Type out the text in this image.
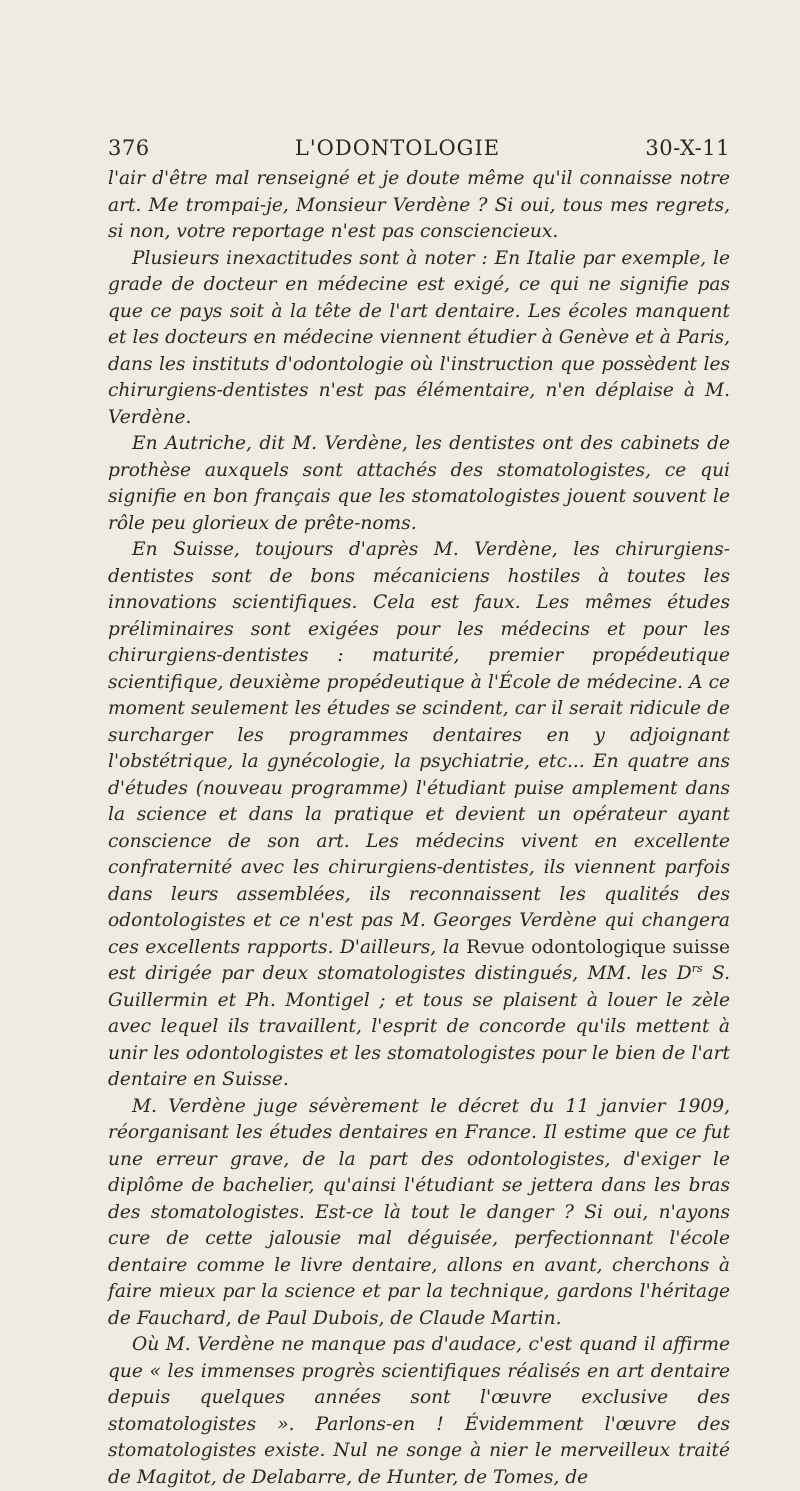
376	L'ODONTOLOGIE	30-X-11

l'air d'être mal renseigné et je doute même qu'il connaisse notre art. Me trompai-je, Monsieur Verdène ? Si oui, tous mes regrets, si non, votre reportage n'est pas consciencieux.

Plusieurs inexactitudes sont à noter : En Italie par exemple, le grade de docteur en médecine est exigé, ce qui ne signifie pas que ce pays soit à la tête de l'art dentaire. Les écoles manquent et les docteurs en médecine viennent étudier à Genève et à Paris, dans les instituts d'odontologie où l'instruction que possèdent les chirurgiens-dentistes n'est pas élémentaire, n'en déplaise à M. Verdène.

En Autriche, dit M. Verdène, les dentistes ont des cabinets de prothèse auxquels sont attachés des stomatologistes, ce qui signifie en bon français que les stomatologistes jouent souvent le rôle peu glorieux de prête-noms.

En Suisse, toujours d'après M. Verdène, les chirurgiens-dentistes sont de bons mécaniciens hostiles à toutes les innovations scientifiques. Cela est faux. Les mêmes études préliminaires sont exigées pour les médecins et pour les chirurgiens-dentistes : maturité, premier propédeutique scientifique, deuxième propédeutique à l'École de médecine. A ce moment seulement les études se scindent, car il serait ridicule de surcharger les programmes dentaires en y adjoignant l'obstétrique, la gynécologie, la psychiatrie, etc... En quatre ans d'études (nouveau programme) l'étudiant puise amplement dans la science et dans la pratique et devient un opérateur ayant conscience de son art. Les médecins vivent en excellente confraternité avec les chirurgiens-dentistes, ils viennent parfois dans leurs assemblées, ils reconnaissent les qualités des odontologistes et ce n'est pas M. Georges Verdène qui changera ces excellents rapports. D'ailleurs, la Revue odontologique suisse est dirigée par deux stomatologistes distingués, MM. les $D^{rs}$ S. Guillermin et Ph. Montigel ; et tous se plaisent à louer le zèle avec lequel ils travaillent, l'esprit de concorde qu'ils mettent à unir les odontologistes et les stomatologistes pour le bien de l'art dentaire en Suisse.

M. Verdène juge sévèrement le décret du 11 janvier 1909, réorganisant les études dentaires en France. Il estime que ce fut une erreur grave, de la part des odontologistes, d'exiger le diplôme de bachelier, qu'ainsi l'étudiant se jettera dans les bras des stomatologistes. Est-ce là tout le danger ? Si oui, n'ayons cure de cette jalousie mal déguisée, perfectionnant l'école dentaire comme le livre dentaire, allons en avant, cherchons à faire mieux par la science et par la technique, gardons l'héritage de Fauchard, de Paul Dubois, de Claude Martin.

Où M. Verdène ne manque pas d'audace, c'est quand il affirme que « les immenses progrès scientifiques réalisés en art dentaire depuis quelques années sont l'œuvre exclusive des stomatologistes ». Parlons-en ! Évidemment l'œuvre des stomatologistes existe. Nul ne songe à nier le merveilleux traité de Magitot, de Delabarre, de Hunter, de Tomes, de
